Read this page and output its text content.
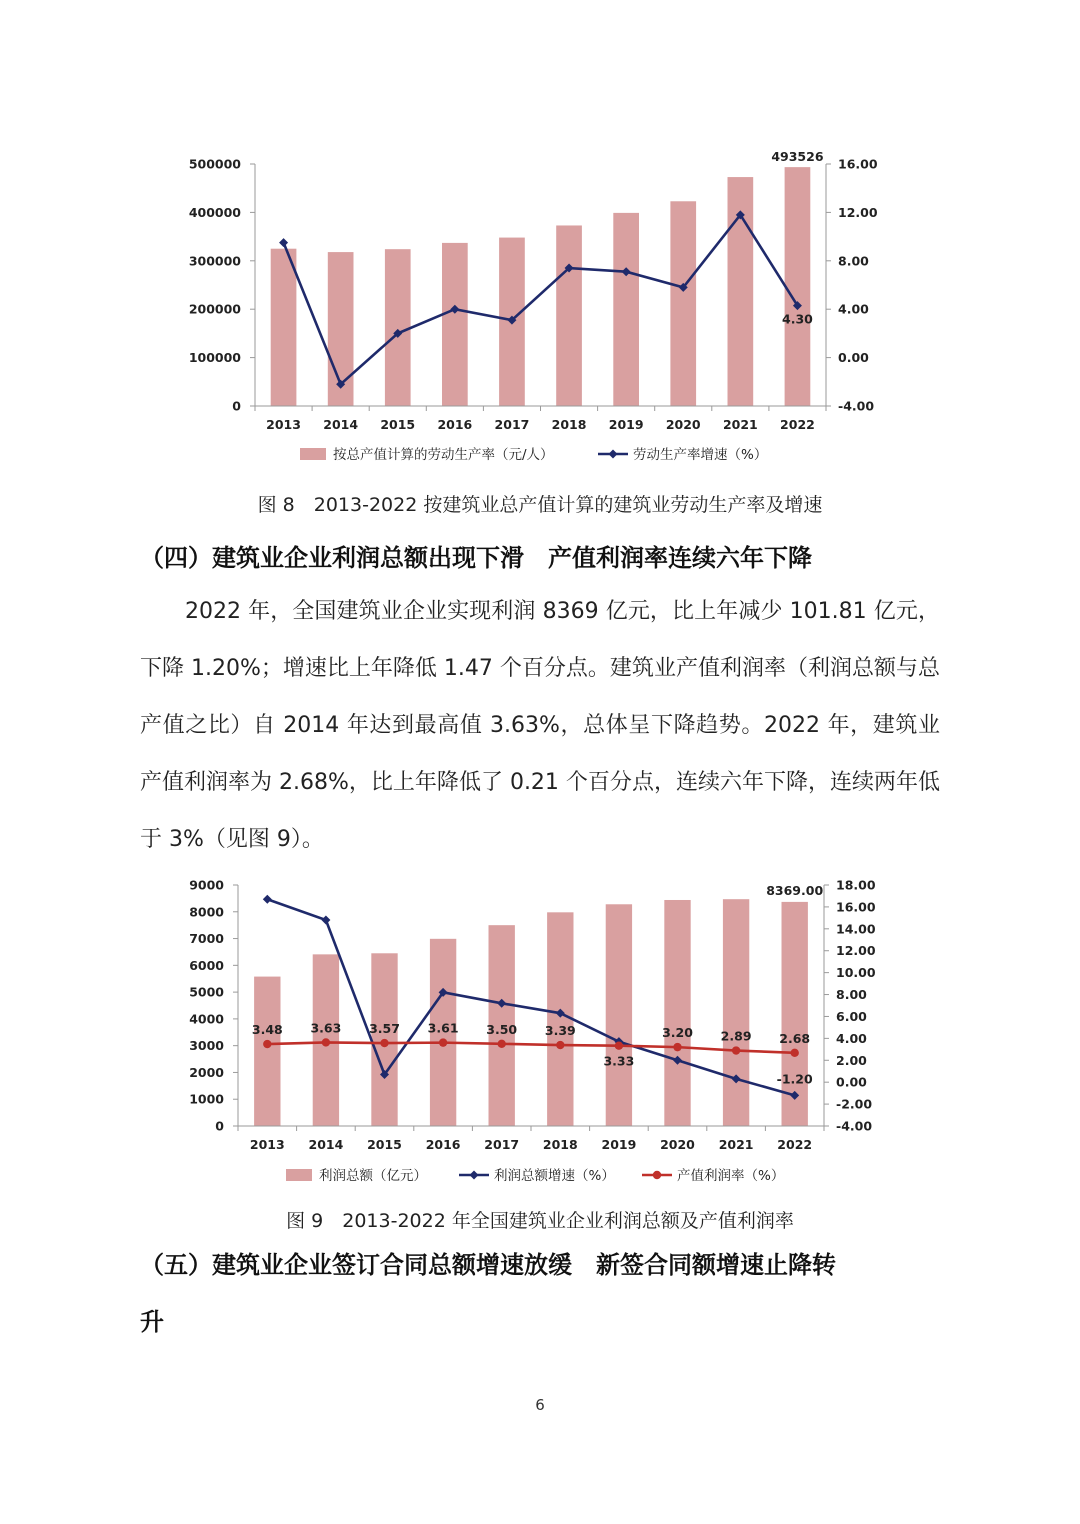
0
100000
200000
300000
400000
500000
-4.00
0.00
4.00
8.00
12.00
16.00
2013 2014 2015 2016 2017 2018 2019 2020 2021 2022
493526
4.30
按总产值计算的劳动生产率（元/人）	劳动生产率增速（%）
图 8　2013-2022 按建筑业总产值计算的建筑业劳动生产率及增速
（四）建筑业企业利润总额出现下滑　产值利润率连续六年下降

2022 年，全国建筑业企业实现利润 8369 亿元，比上年减少 101.81 亿元，下降 1.20%；增速比上年降低 1.47 个百分点。建筑业产值利润率（利润总额与总产值之比）自 2014 年达到最高值 3.63%，总体呈下降趋势。2022 年，建筑业产值利润率为 2.68%，比上年降低了 0.21 个百分点，连续六年下降，连续两年低于 3%（见图 9）。

0
1000
2000
3000
4000
5000
6000
7000
8000
9000
-4.00
-2.00
0.00
2.00
4.00
6.00
8.00
10.00
12.00
14.00
16.00
18.00
2013 2014 2015 2016 2017 2018 2019 2020 2021 2022
3.48 3.63 3.57 3.61 3.50 3.39
3.33
3.20 2.89 2.68
8369.00
-1.20
利润总额（亿元）	利润总额增速（%）	产值利润率（%）
图 9　2013-2022 年全国建筑业企业利润总额及产值利润率
（五）建筑业企业签订合同总额增速放缓　新签合同额增速止降转
升
6
